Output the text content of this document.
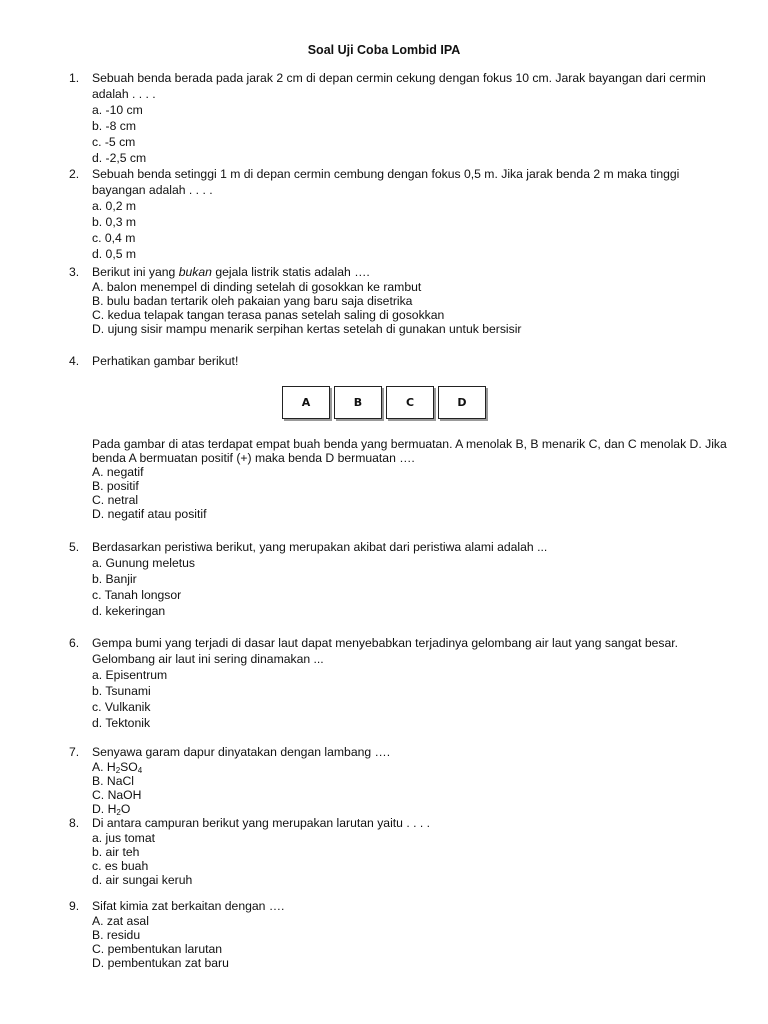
Soal Uji Coba Lombid IPA
1.	Sebuah benda berada pada jarak 2 cm di depan cermin cekung dengan fokus 10 cm. Jarak bayangan dari cermin adalah . . . .
a. -10 cm
b. -8 cm
c. -5 cm
d. -2,5 cm
2.	Sebuah benda setinggi 1 m di depan cermin cembung dengan fokus 0,5 m. Jika jarak benda 2 m maka tinggi bayangan adalah . . . .
a. 0,2 m
b. 0,3 m
c. 0,4 m
d. 0,5 m
3.	Berikut ini yang bukan gejala listrik statis adalah ….
A. balon menempel di dinding setelah di gosokkan ke rambut
B. bulu badan tertarik oleh pakaian yang baru saja disetrika
C. kedua telapak tangan terasa panas setelah saling di gosokkan
D. ujung sisir mampu menarik serpihan kertas setelah di gunakan untuk bersisir
4.	Perhatikan gambar berikut!
A	B	C	D
Pada gambar di atas terdapat empat buah benda yang bermuatan. A menolak B, B menarik C, dan C menolak D. Jika benda A bermuatan positif (+) maka benda D bermuatan ….
A. negatif
B. positif
C. netral
D. negatif atau positif
5.	Berdasarkan peristiwa berikut, yang merupakan akibat dari peristiwa alami adalah ...
a. Gunung meletus
b. Banjir
c. Tanah longsor
d. kekeringan
6.	Gempa bumi yang terjadi di dasar laut dapat menyebabkan terjadinya gelombang air laut yang sangat besar. Gelombang air laut ini sering dinamakan ...
a. Episentrum
b. Tsunami
c. Vulkanik
d. Tektonik
7.	Senyawa garam dapur dinyatakan dengan lambang ….
A. $H_2SO_4$
B. NaCl
C. NaOH
D. $H_2O$
8.	Di antara campuran berikut yang merupakan larutan yaitu . . . .
a. jus tomat
b. air teh
c. es buah
d. air sungai keruh
9.	Sifat kimia zat berkaitan dengan ….
A. zat asal
B. residu
C. pembentukan larutan
D. pembentukan zat baru
